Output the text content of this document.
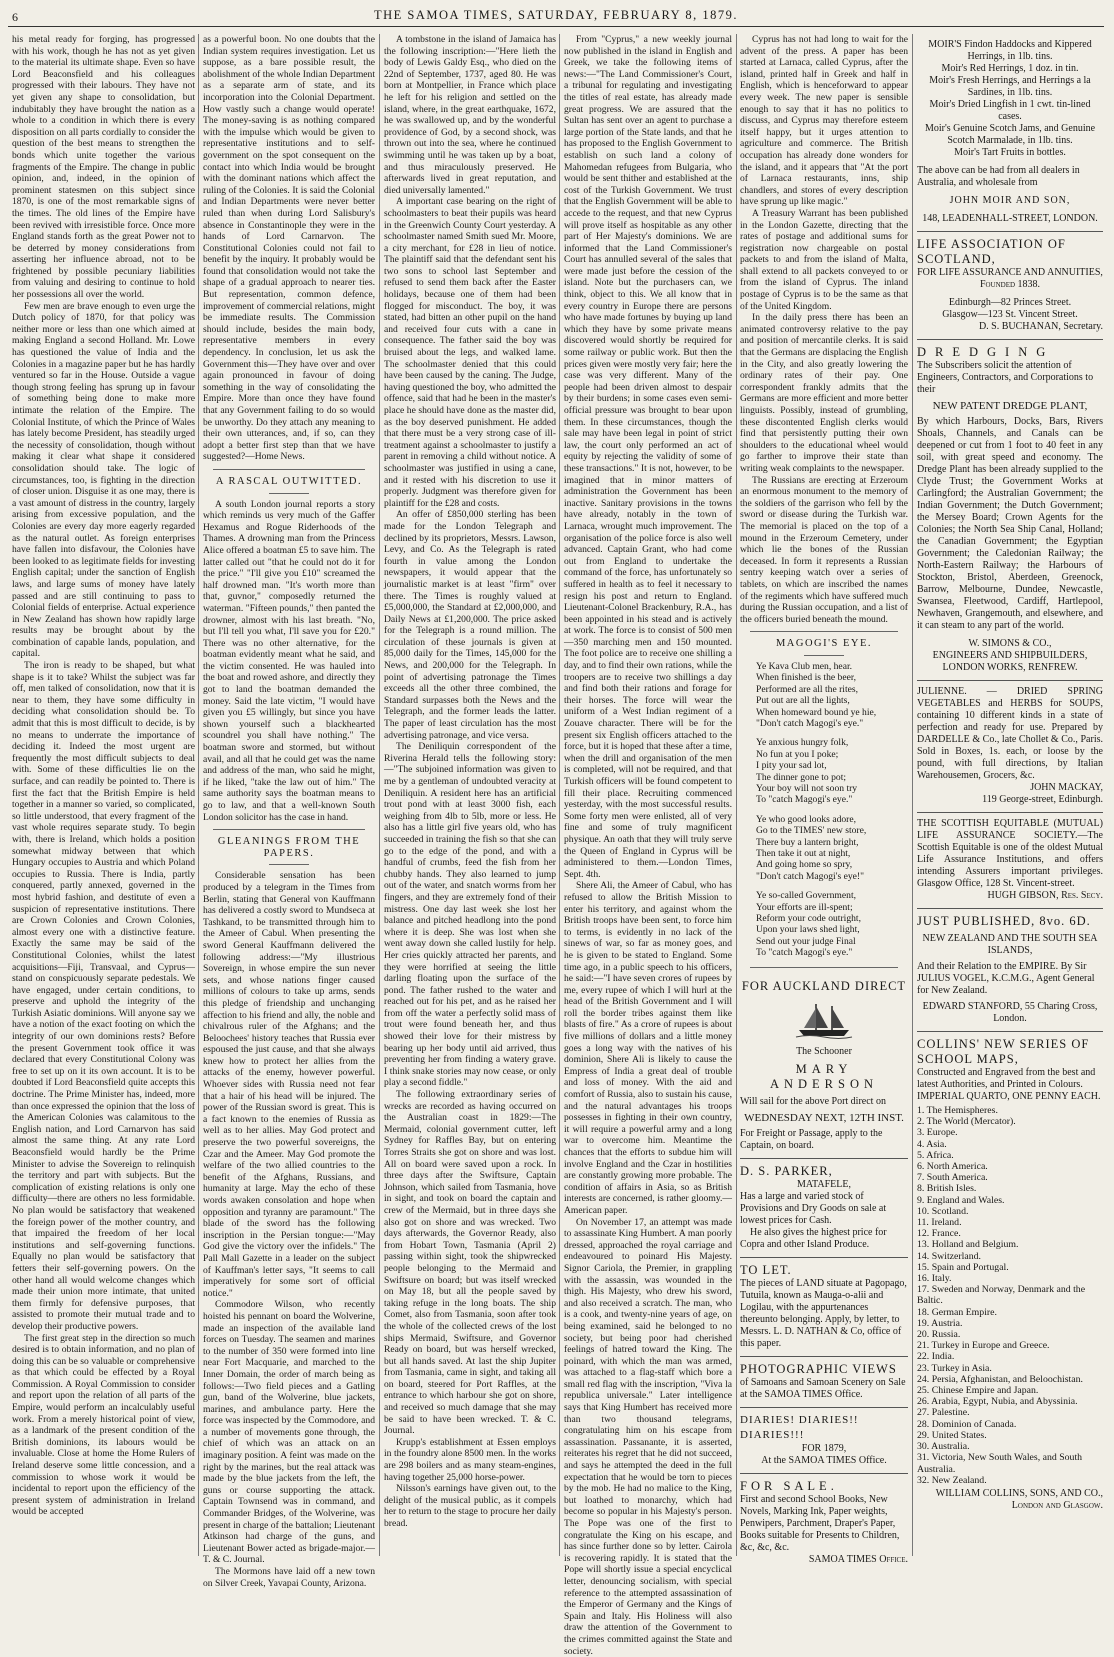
6	THE SAMOA TIMES, SATURDAY, FEBRUARY 8, 1879.

his metal ready for forging, has progressed with his work, though he has not as yet given to the material its ultimate shape. Even so have Lord Beaconsfield and his colleagues progressed with their labours. They have not yet given any shape to consolidation, but indubitably they have brought the nation as a whole to a condition in which there is every disposition on all parts cordially to consider the question of the best means to strengthen the bonds which unite together the various fragments of the Empire. The change in public opinion, and, indeed, in the opinion of prominent statesmen on this subject since 1870, is one of the most remarkable signs of the times. The old lines of the Empire have been revived with irresistible force. Once more England stands forth as the great Power not to be deterred by money considerations from asserting her influence abroad, not to be frightened by possible pecuniary liabilities from valuing and desiring to continue to hold her possessions all over the world.

Few men are brave enough to even urge the Dutch policy of 1870, for that policy was neither more or less than one which aimed at making England a second Holland. Mr. Lowe has questioned the value of India and the Colonies in a magazine paper but he has hardly ventured so far in the House. Outside a vague though strong feeling has sprung up in favour of something being done to make more intimate the relation of the Empire. The Colonial Institute, of which the Prince of Wales has lately become President, has steadily urged the necessity of consolidation, though without making it clear what shape it considered consolidation should take. The logic of circumstances, too, is fighting in the direction of closer union. Disguise it as one may, there is a vast amount of distress in the country, largely arising from excessive population, and the Colonies are every day more eagerly regarded as the natural outlet. As foreign enterprises have fallen into disfavour, the Colonies have been looked to as legitimate fields for investing English capital; under the sanction of English laws, and large sums of money have lately passed and are still continuing to pass to Colonial fields of enterprise. Actual experience in New Zealand has shown how rapidly large results may be brought about by the combination of capable lands, population, and capital.

The iron is ready to be shaped, but what shape is it to take? Whilst the subject was far off, men talked of consolidation, now that it is near to them, they have some difficulty in deciding what consolidation should be. To admit that this is most difficult to decide, is by no means to underrate the importance of deciding it. Indeed the most urgent are frequently the most difficult subjects to deal with. Some of these difficulties lie on the surface, and can readily be pointed to. There is first the fact that the British Empire is held together in a manner so varied, so complicated, so little understood, that every fragment of the vast whole requires separate study. To begin with, there is Ireland, which holds a position somewhat midway between that which Hungary occupies to Austria and which Poland occupies to Russia. There is India, partly conquered, partly annexed, governed in the most hybrid fashion, and destitute of even a suspicion of representative institutions. There are Crown Colonies and Crown Colonies, almost every one with a distinctive feature. Exactly the same may be said of the Constitutional Colonies, whilst the latest acquisitions—Fiji, Transvaal, and Cyprus—stand on conspicuously separate pedestals. We have engaged, under certain conditions, to preserve and uphold the integrity of the Turkish Asiatic dominions. Will anyone say we have a notion of the exact footing on which the integrity of our own dominions rests? Before the present Government took office it was declared that every Constitutional Colony was free to set up on it its own account. It is to be doubted if Lord Beaconsfield quite accepts this doctrine. The Prime Minister has, indeed, more than once expressed the opinion that the loss of the American Colonies was calamitous to the English nation, and Lord Carnarvon has said almost the same thing. At any rate Lord Beaconsfield would hardly be the Prime Minister to advise the Sovereign to relinquish the territory and part with subjects. But the complication of existing relations is only one difficulty—there are others no less formidable. No plan would be satisfactory that weakened the foreign power of the mother country, and that impaired the freedom of her local institutions and self-governing functions. Equally no plan would be satisfactory that fetters their self-governing powers. On the other hand all would welcome changes which made their union more intimate, that united them firmly for defensive purposes, that assisted to promote their mutual trade and to develop their productive powers.

The first great step in the direction so much desired is to obtain information, and no plan of doing this can be so valuable or comprehensive as that which could be effected by a Royal Commission. A Royal Commission to consider and report upon the relation of all parts of the Empire, would perform an incalculably useful work. From a merely historical point of view, as a landmark of the present condition of the British dominions, its labours would be invaluable. Close at home the Home Rulers of Ireland deserve some little concession, and a commission to whose work it would be incidental to report upon the efficiency of the present system of administration in Ireland would be accepted

as a powerful boon. No one doubts that the Indian system requires investigation. Let us suppose, as a bare possible result, the abolishment of the whole Indian Department as a separate arm of state, and its incorporation into the Colonial Department. How vastly such a change would operate! The money-saving is as nothing compared with the impulse which would be given to representative institutions and to self-government on the spot consequent on the contact into which India would be brought with the dominant nations which affect the ruling of the Colonies. It is said the Colonial and Indian Departments were never better ruled than when during Lord Salisbury's absence in Constantinople they were in the hands of Lord Carnarvon. The Constitutional Colonies could not fail to benefit by the inquiry. It probably would be found that consolidation would not take the shape of a gradual approach to nearer ties. But representation, common defence, improvement of commercial relations, might be immediate results. The Commission should include, besides the main body, representative members in every dependency. In conclusion, let us ask the Government this—They have over and over again pronounced in favour of doing something in the way of consolidating the Empire. More than once they have found that any Government failing to do so would be unworthy. Do they attach any meaning to their own utterances, and, if so, can they adopt a better first step than that we have suggested?—Home News.

A RASCAL OUTWITTED.

A south London journal reports a story which reminds us very much of the Gaffer Hexamus and Rogue Riderhoods of the Thames. A drowning man from the Princess Alice offered a boatman £5 to save him. The latter called out "that he could not do it for the price." "I'll give you £10" screamed the half drowned man. "It's worth more than that, guvnor," composedly returned the waterman. "Fifteen pounds," then panted the drowner, almost with his last breath. "No, but I'll tell you what, I'll save you for £20." There was no other alternative, for the boatman evidently meant what he said, and the victim consented. He was hauled into the boat and rowed ashore, and directly they got to land the boatman demanded the money. Said the late victim, "I would have given you £5 willingly, but since you have shown yourself such a blackhearted scoundrel you shall have nothing." The boatman swore and stormed, but without avail, and all that he could get was the name and address of the man, who said he might, if he liked, "take the law out of him." The same authority says the boatman means to go to law, and that a well-known South London solicitor has the case in hand.

GLEANINGS FROM THE PAPERS.

Considerable sensation has been produced by a telegram in the Times from Berlin, stating that General von Kauffmann has delivered a costly sword to Mundseca at Tashkand, to be transmitted through him to the Ameer of Cabul. When presenting the sword General Kauffmann delivered the following address:—"My illustrious Sovereign, in whose empire the sun never sets, and whose nations finger caused millions of colours to take up arms, sends this pledge of friendship and unchanging affection to his friend and ally, the noble and chivalrous ruler of the Afghans; and the Beloochees' history teaches that Russia ever espoused the just cause, and that she always knew how to protect her allies from the attacks of the enemy, however powerful. Whoever sides with Russia need not fear that a hair of his head will be injured. The power of the Russian sword is great. This is a fact known to the enemies of Russia as well as to her allies. May God protect and preserve the two powerful sovereigns, the Czar and the Ameer. May God promote the welfare of the two allied countries to the benefit of the Afghans, Russians, and humanity at large. May the echo of these words awaken consolation and hope when opposition and tyranny are paramount." The blade of the sword has the following inscription in the Persian tongue:—"May God give the victory over the infidels." The Pall Mall Gazette in a leader on the subject of Kauffman's letter says, "It seems to call imperatively for some sort of official notice."

Commodore Wilson, who recently hoisted his pennant on board the Wolverine, made an inspection of the available land forces on Tuesday. The seamen and marines to the number of 350 were formed into line near Fort Macquarie, and marched to the Inner Domain, the order of march being as follows:—Two field pieces and a Gatling gun, band of the Wolverine, blue jackets, marines, and ambulance party. Here the force was inspected by the Commodore, and a number of movements gone through, the chief of which was an attack on an imaginary position. A feint was made on the right by the marines, but the real attack was made by the blue jackets from the left, the guns or course supporting the attack. Captain Townsend was in command, and Commander Bridges, of the Wolverine, was present in charge of the battalion; Lieutenant Atkinson had charge of the guns, and Lieutenant Bower acted as brigade-major.—T. & C. Journal.

The Mormons have laid off a new town on Silver Creek, Yavapai County, Arizona.

A tombstone in the island of Jamaica has the following inscription:—"Here lieth the body of Lewis Galdy Esq., who died on the 22nd of September, 1737, aged 80. He was born at Montpellier, in France which place he left for his religion and settled on the island, where, in the great earthquake, 1672, he was swallowed up, and by the wonderful providence of God, by a second shock, was thrown out into the sea, where he continued swimming until he was taken up by a boat, and thus miraculously preserved. He afterwards lived in great reputation, and died universally lamented."

A important case bearing on the right of schoolmasters to beat their pupils was heard in the Greenwich County Court yesterday. A schoolmaster named Smith sued Mr. Moore, a city merchant, for £28 in lieu of notice. The plaintiff said that the defendant sent his two sons to school last September and refused to send them back after the Easter holidays, because one of them had been flogged for misconduct. The boy, it was stated, had bitten an other pupil on the hand and received four cuts with a cane in consequence. The father said the boy was bruised about the legs, and walked lame. The schoolmaster denied that this could have been caused by the caning. The Judge, having questioned the boy, who admitted the offence, said that had he been in the master's place he should have done as the master did, as the boy deserved punishment. He added that there must be a very strong case of ill-treatment against a schoolmaster to justify a parent in removing a child without notice. A schoolmaster was justified in using a cane, and it rested with his discretion to use it properly. Judgment was therefore given for plaintiff for the £28 and costs.

An offer of £850,000 sterling has been made for the London Telegraph and declined by its proprietors, Messrs. Lawson, Levy, and Co. As the Telegraph is rated fourth in value among the London newspapers, it would appear that the journalistic market is at least "firm" over there. The Times is roughly valued at £5,000,000, the Standard at £2,000,000, and Daily News at £1,200,000. The price asked for the Telegraph is a round million. The circulation of these journals is given at 85,000 daily for the Times, 145,000 for the News, and 200,000 for the Telegraph. In point of advertising patronage the Times exceeds all the other three combined, the Standard surpasses both the News and the Telegraph, and the former leads the latter. The paper of least circulation has the most advertising patronage, and vice versa.

The Deniliquin correspondent of the Riverina Herald tells the following story:—"The subjoined information was given to me by a gentleman of undoubted veracity at Deniliquin. A resident here has an artificial trout pond with at least 3000 fish, each weighing from 4lb to 5lb, more or less. He also has a little girl five years old, who has succeeded in training the fish so that she can go to the edge of the pond, and with a handful of crumbs, feed the fish from her chubby hands. They also learned to jump out of the water, and snatch worms from her fingers, and they are extremely fond of their mistress. One day last week she lost her balance and pitched headlong into the pond where it is deep. She was lost when she went away down she called lustily for help. Her cries quickly attracted her parents, and they were horrified at seeing the little darling floating upon the surface of the pond. The father rushed to the water and reached out for his pet, and as he raised her from off the water a perfectly solid mass of trout were found beneath her, and thus showed their love for their mistress by bearing up her body until aid arrived, thus preventing her from finding a watery grave. I think snake stories may now cease, or only play a second fiddle."

The following extraordinary series of wrecks are recorded as having occurred on the Australian coast in 1829:—The Mermaid, colonial government cutter, left Sydney for Raffles Bay, but on entering Torres Straits she got on shore and was lost. All on board were saved upon a rock. In three days after the Swiftsure, Captain Johnson, which sailed from Tasmania, hove in sight, and took on board the captain and crew of the Mermaid, but in three days she also got on shore and was wrecked. Two days afterwards, the Governor Ready, also from Hobart Town, Tasmania (April 2) passing within sight, took the shipwrecked people belonging to the Mermaid and Swiftsure on board; but was itself wrecked on May 18, but all the people saved by taking refuge in the long boats. The ship Comet, also from Tasmania, soon after took the whole of the collected crews of the lost ships Mermaid, Swiftsure, and Governor Ready on board, but was herself wrecked, but all hands saved. At last the ship Jupiter from Tasmania, came in sight, and taking all on board, steered for Port Raffles, at the entrance to which harbour she got on shore, and received so much damage that she may be said to have been wrecked. T. & C. Journal.

Krupp's establishment at Essen employs in the foundry alone 8500 men. In the works are 298 boilers and as many steam-engines, having together 25,000 horse-power.

Nilsson's earnings have given out, to the delight of the musical public, as it compels her to return to the stage to procure her daily bread.

From "Cyprus," a new weekly journal now published in the island in English and Greek, we take the following items of news:—"The Land Commissioner's Court, a tribunal for regulating and investigating the titles of real estate, has already made great progress. We are assured that the Sultan has sent over an agent to purchase a large portion of the State lands, and that he has proposed to the English Government to establish on such land a colony of Mahomedan refugees from Bulgaria, who would be sent thither and established at the cost of the Turkish Government. We trust that the English Government will be able to accede to the request, and that new Cyprus will prove itself as hospitable as any other part of Her Majesty's dominions. We are informed that the Land Commissioner's Court has annulled several of the sales that were made just before the cession of the island. Note but the purchasers can, we think, object to this. We all know that in every country in Europe there are persons who have made fortunes by buying up land which they have by some private means discovered would shortly be required for some railway or public work. But then the prices given were mostly very fair; here the case was very different. Many of the people had been driven almost to despair by their burdens; in some cases even semi-official pressure was brought to bear upon them. In these circumstances, though the sale may have been legal in point of strict law, the court only performed an act of equity by rejecting the validity of some of these transactions." It is not, however, to be imagined that in minor matters of administration the Government has been inactive. Sanitary provisions in the towns have already, notably in the town of Larnaca, wrought much improvement. The organisation of the police force is also well advanced. Captain Grant, who had come out from England to undertake the command of the force, has unfortunately so suffered in health as to feel it necessary to resign his post and return to England. Lieutenant-Colonel Brackenbury, R.A., has been appointed in his stead and is actively at work. The force is to consist of 500 men—350 marching men and 150 mounted. The foot police are to receive one shilling a day, and to find their own rations, while the troopers are to receive two shillings a day and find both their rations and forage for their horses. The force will wear the uniform of a West Indian regiment of a Zouave character. There will be for the present six English officers attached to the force, but it is hoped that these after a time, when the drill and organisation of the men is completed, will not be required, and that Turkish officers will be found competent to fill their place. Recruiting commenced yesterday, with the most successful results. Some forty men were enlisted, all of very fine and some of truly magnificent physique. An oath that they will truly serve the Queen of England in Cyprus will be administered to them.—London Times, Sept. 4th.

Shere Ali, the Ameer of Cabul, who has refused to allow the British Mission to enter his territory, and against whom the British troops have been sent, to force him to terms, is evidently in no lack of the sinews of war, so far as money goes, and he is given to be stated to England. Some time ago, in a public speech to his officers, he said:—"I have seven crores of rupees by me, every rupee of which I will hurl at the head of the British Government and I will roll the border tribes against them like blasts of fire." As a crore of rupees is about five millions of dollars and a little money goes a long way with the natives of his dominion, Shere Ali is likely to cause the Empress of India a great deal of trouble and loss of money. With the aid and comfort of Russia, also to sustain his cause, and the natural advantages his troops possesses in fighting in their own country, it will require a powerful army and a long war to overcome him. Meantime the chances that the efforts to subdue him will involve England and the Czar in hostilities are constantly growing more probable. The condition of affairs in Asia, so as British interests are concerned, is rather gloomy.—American paper.

On November 17, an attempt was made to assassinate King Humbert. A man poorly dressed, approached the royal carriage and endeavoured to poinard His Majesty. Signor Cariola, the Premier, in grappling with the assassin, was wounded in the thigh. His Majesty, who drew his sword, and also received a scratch. The man, who is a cook, and twenty-nine years of age, on being examined, said he belonged to no society, but being poor had cherished feelings of hatred toward the King. The poinard, with which the man was armed, was attached to a flag-staff which bore a small red flag with the inscription, "Viva la republica universale." Later intelligence says that King Humbert has received more than two thousand telegrams, congratulating him on his escape from assassination. Passanante, it is asserted, reiterates his regret that he did not succeed, and says he attempted the deed in the full expectation that he would be torn to pieces by the mob. He had no malice to the King, but loathed to monarchy, which had become so popular in his Majesty's person. The Pope was one of the first to congratulate the King on his escape, and has since further done so by letter. Cairola is recovering rapidly. It is stated that the Pope will shortly issue a special encyclical letter, denouncing socialism, with special reference to the attempted assassination of the Emperor of Germany and the Kings of Spain and Italy. His Holiness will also draw the attention of the Government to the crimes committed against the State and society.

Cyprus has not had long to wait for the advent of the press. A paper has been started at Larnaca, called Cyprus, after the island, printed half in Greek and half in English, which is henceforward to appear every week. The new paper is sensible enough to say that it has no politics to discuss, and Cyprus may therefore esteem itself happy, but it urges attention to agriculture and commerce. The British occupation has already done wonders for the island, and it appears that "At the port of Larnaca restaurants, inns, ship chandlers, and stores of every description have sprung up like magic."

A Treasury Warrant has been published in the London Gazette, directing that the rates of postage and additional sums for registration now chargeable on postal packets to and from the island of Malta, shall extend to all packets conveyed to or from the island of Cyprus. The inland postage of Cyprus is to be the same as that of the United Kingdom.

In the daily press there has been an animated controversy relative to the pay and position of mercantile clerks. It is said that the Germans are displacing the English in the City, and also greatly lowering the ordinary rates of their pay. One correspondent frankly admits that the Germans are more efficient and more better linguists. Possibly, instead of grumbling, these discontented English clerks would find that persistently putting their own shoulders to the educational wheel would go farther to improve their state than writing weak complaints to the newspaper.

The Russians are erecting at Erzeroum an enormous monument to the memory of the soldiers of the garrison who fell by the sword or disease during the Turkish war. The memorial is placed on the top of a mound in the Erzeroum Cemetery, under which lie the bones of the Russian deceased. In form it represents a Russian sentry keeping watch over a series of tablets, on which are inscribed the names of the regiments which have suffered much during the Russian occupation, and a list of the officers buried beneath the mound.

MAGOGI'S EYE.

Ye Kava Club men, hear.
When finished is the beer,
Performed are all the rites,
Put out are all the lights,
When homeward bound ye hie,
"Don't catch Magogi's eye."
Ye anxious hungry folk,
No fun at you I poke;
I pity your sad lot,
The dinner gone to pot;
Your boy will not soon try
To "catch Magogi's eye."
Ye who good looks adore,
Go to the TIMES' new store,
There buy a lantern bright,
Then take it out at night,
And going home so spry,
"Don't catch Magogi's eye!"
Ye so-called Government,
Your efforts are ill-spent;
Reform your code outright,
Upon your laws shed light,
Send out your judge Final
To "catch Magogi's eye."
FOR AUCKLAND DIRECT
The Schooner
MARY ANDERSON
Will sail for the above Port direct on
WEDNESDAY NEXT, 12TH INST.
For Freight or Passage, apply to the Captain, on board.
D. S. PARKER,
MATAFELE,
Has a large and varied stock of Provisions and Dry Goods on sale at lowest prices for Cash.
He also gives the highest price for Copra and other Island Produce.
TO LET.
The pieces of LAND situate at Pagopago, Tutuila, known as Mauga-o-alii and Logilau, with the appurtenances thereunto belonging. Apply, by letter, to Messrs. L. D. NATHAN & Co, office of this paper.
PHOTOGRAPHIC VIEWS
of Samoans and Samoan Scenery on Sale at the SAMOA TIMES Office.
DIARIES! DIARIES!! DIARIES!!!
FOR 1879,
At the SAMOA TIMES Office.
FOR SALE.
First and second School Books, New Novels, Marking Ink, Paper weights, Penwipers, Parchment, Draper's Paper, Books suitable for Presents to Children, &c, &c, &c.
SAMOA TIMES Office.
MOIR'S Findon Haddocks and Kippered Herrings, in 1lb. tins.
Moir's Red Herrings, 1 doz. in tin.
Moir's Fresh Herrings, and Herrings a la Sardines, in 1lb. tins.
Moir's Dried Lingfish in 1 cwt. tin-lined cases.
Moir's Genuine Scotch Jams, and Genuine Scotch Marmalade, in 1lb. tins.
Moir's Tart Fruits in bottles.
The above can be had from all dealers in Australia, and wholesale from
JOHN MOIR AND SON,
148, LEADENHALL-STREET, LONDON.
LIFE ASSOCIATION OF SCOTLAND,
FOR LIFE ASSURANCE AND ANNUITIES, Founded 1838.
Edinburgh—82 Princes Street.
Glasgow—123 St. Vincent Street.
D. S. BUCHANAN, Secretary.
DREDGING
The Subscribers solicit the attention of Engineers, Contractors, and Corporations to their
NEW PATENT DREDGE PLANT,
By which Harbours, Docks, Bars, Rivers Shoals, Channels, and Canals can be deepened or cut from 1 foot to 40 feet in any soil, with great speed and economy. The Dredge Plant has been already supplied to the Clyde Trust; the Government Works at Carlingford; the Australian Government; the Indian Government; the Dutch Government; the Mersey Board; Crown Agents for the Colonies; the North Sea Ship Canal, Holland; the Canadian Government; the Egyptian Government; the Caledonian Railway; the North-Eastern Railway; the Harbours of Stockton, Bristol, Aberdeen, Greenock, Barrow, Melbourne, Dundee, Newcastle, Swansea, Fleetwood, Cardiff, Hartlepool, Newhaven, Grangemouth, and elsewhere, and it can steam to any part of the world.
W. SIMONS & CO.,
ENGINEERS AND SHIPBUILDERS,
LONDON WORKS, RENFREW.
JULIENNE. — DRIED SPRING VEGETABLES and HERBS for SOUPS, containing 10 different kinds in a state of perfection and ready for use. Prepared by DARDELLE & Co., late Chollet & Co., Paris. Sold in Boxes, 1s. each, or loose by the pound, with full directions, by Italian Warehousemen, Grocers, &c.
JOHN MACKAY,
119 George-street, Edinburgh.
THE SCOTTISH EQUITABLE (MUTUAL) LIFE ASSURANCE SOCIETY.—The Scottish Equitable is one of the oldest Mutual Life Assurance Institutions, and offers intending Assurers important privileges. Glasgow Office, 128 St. Vincent-street.
HUGH GIBSON, Res. Secy.
JUST PUBLISHED, 8vo. 6D.
NEW ZEALAND AND THE SOUTH SEA ISLANDS,
And their Relation to the EMPIRE. By Sir JULIUS VOGEL, K.C.M.G., Agent General for New Zealand.
EDWARD STANFORD, 55 Charing Cross, London.
COLLINS' NEW SERIES OF SCHOOL MAPS,
Constructed and Engraved from the best and latest Authorities, and Printed in Colours.
IMPERIAL QUARTO, ONE PENNY EACH.
1. The Hemispheres.
2. The World (Mercator).
3. Europe.
4. Asia.
5. Africa.
6. North America.
7. South America.
8. British Isles.
9. England and Wales.
10. Scotland.
11. Ireland.
12. France.
13. Holland and Belgium.
14. Switzerland.
15. Spain and Portugal.
16. Italy.
17. Sweden and Norway, Denmark and the Baltic.
18. German Empire.
19. Austria.
20. Russia.
21. Turkey in Europe and Greece.
22. India.
23. Turkey in Asia.
24. Persia, Afghanistan, and Beloochistan.
25. Chinese Empire and Japan.
26. Arabia, Egypt, Nubia, and Abyssinia.
27. Palestine.
28. Dominion of Canada.
29. United States.
30. Australia.
31. Victoria, New South Wales, and South Australia.
32. New Zealand.
WILLIAM COLLINS, SONS, AND CO., London and Glasgow.
